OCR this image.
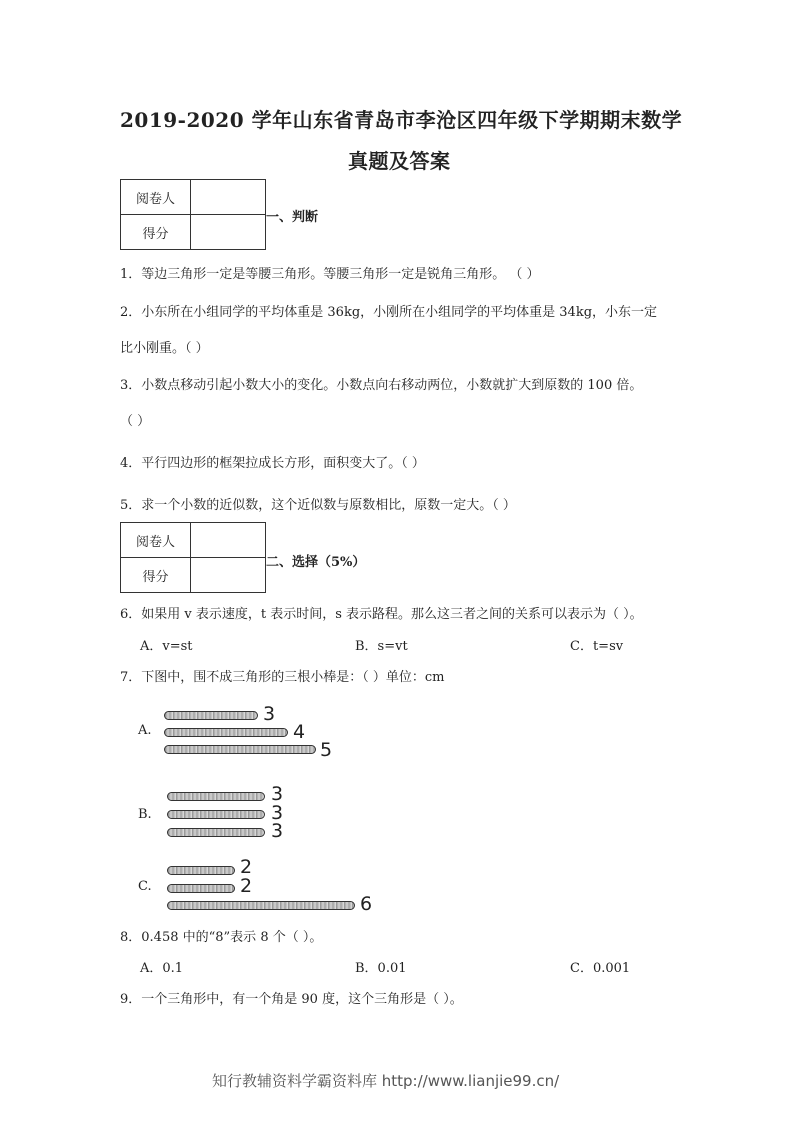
2019-2020 学年山东省青岛市李沧区四年级下学期期末数学
真题及答案
阅卷人	
得分	
一、判断
1．等边三角形一定是等腰三角形。等腰三角形一定是锐角三角形。 （ ）
2．小东所在小组同学的平均体重是 36kg，小刚所在小组同学的平均体重是 34kg，小东一定
比小刚重。（ ）
3．小数点移动引起小数大小的变化。小数点向右移动两位，小数就扩大到原数的 100 倍。
（ ）
4．平行四边形的框架拉成长方形，面积变大了。（ ）
5．求一个小数的近似数，这个近似数与原数相比，原数一定大。（ ）
阅卷人	
得分	
二、选择（5%）
6．如果用 v 表示速度，t 表示时间，s 表示路程。那么这三者之间的关系可以表示为（ ）。
A．v=st	B．s=vt	C．t=sv
7．下图中，围不成三角形的三根小棒是：（ ）单位：cm
A.
3
4
5
B.
3
3
3
C.
2
2
6
8．0.458 中的“8”表示 8 个（ ）。
A．0.1	B．0.01	C．0.001
9．一个三角形中，有一个角是 90 度，这个三角形是（ ）。
知行教辅资料学霸资料库 http://www.lianjie99.cn/
